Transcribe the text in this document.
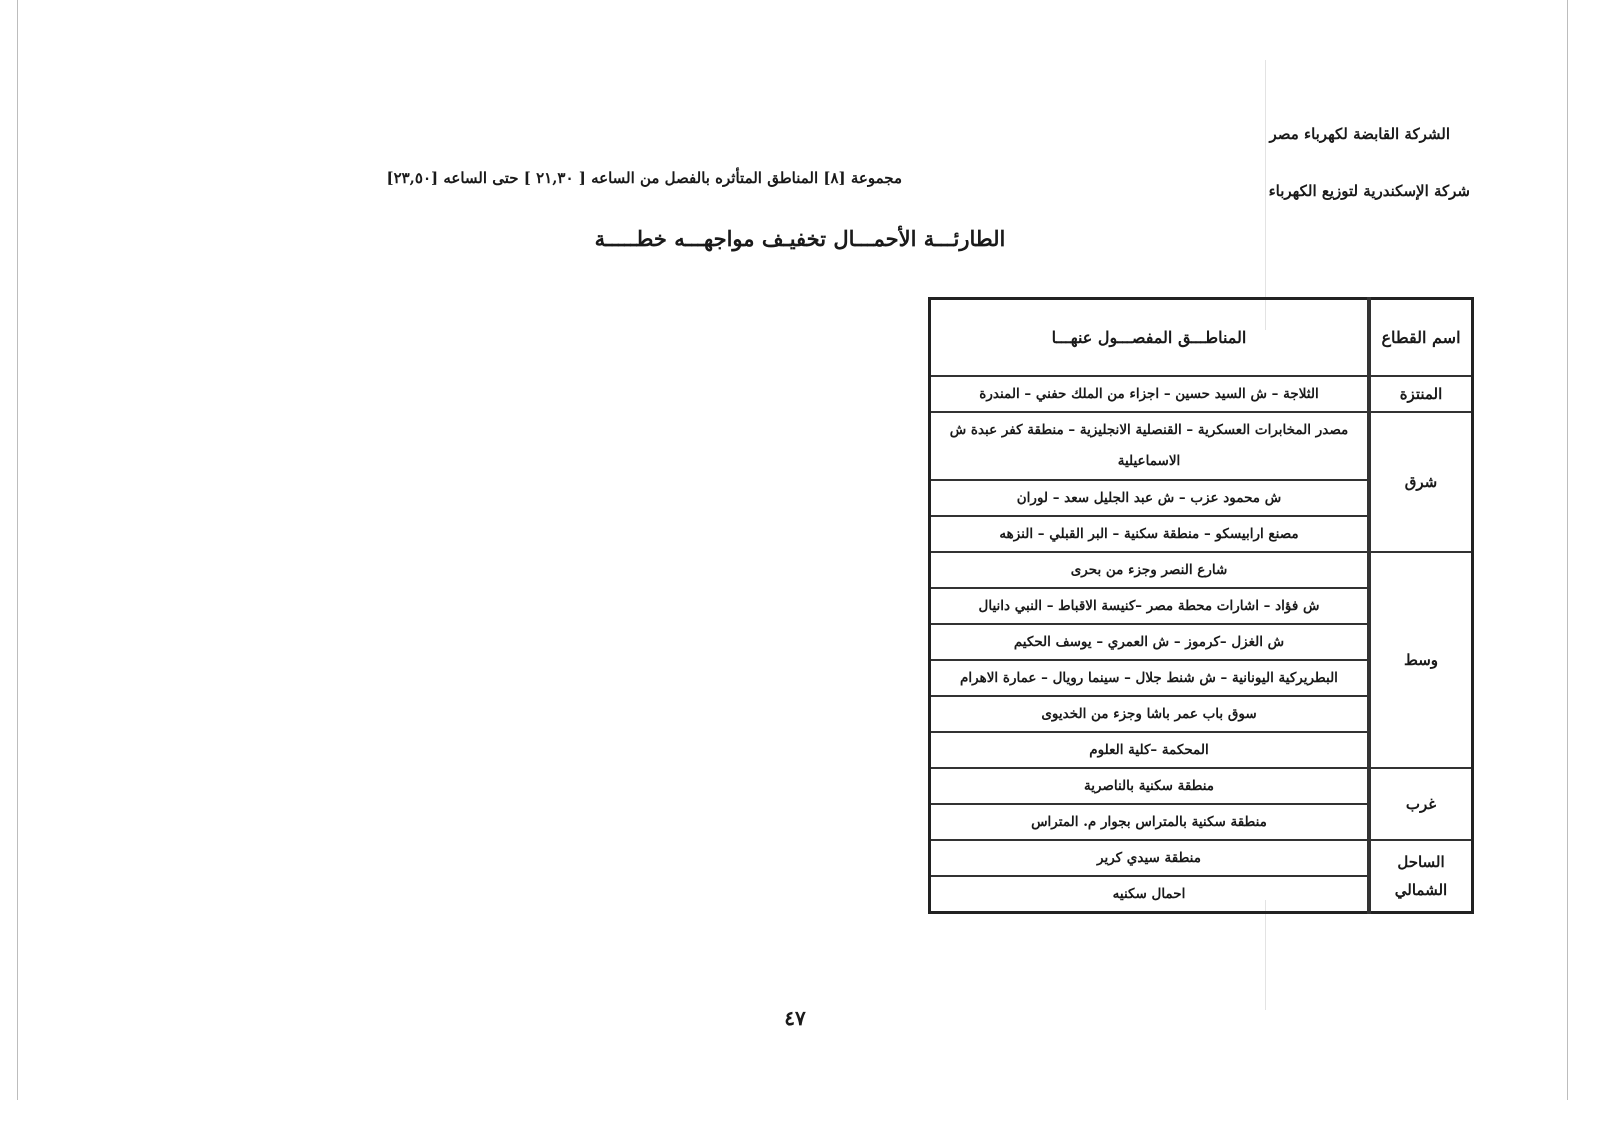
الشركة القابضة لكهرباء مصر
شركة الإسكندرية لتوزيع الكهرباء
مجموعة [٨] المناطق المتأثره بالفصل من الساعه [ ٢١,٣٠ ] حتى الساعه [٢٣,٥٠]
خطـــــة مواجهـــه تخفيـف الأحمـــال الطارئـــة
اسم القطاع	المناطـــق المفصـــول عنهـــا
المنتزة	الثلاجة – ش السيد حسين – اجزاء من الملك حفني – المندرة
شرق	مصدر المخابرات العسكرية – القنصلية الانجليزية – منطقة كفر عبدة ش الاسماعيلية
	ش محمود عزب – ش عبد الجليل سعد – لوران
	مصنع ارابيسكو – منطقة سكنية – البر القبلي – النزهه
وسط	شارع النصر وجزء من بحرى
	ش فؤاد – اشارات محطة مصر –كنيسة الاقباط – النبي دانيال
	ش الغزل –كرموز – ش العمري – يوسف الحكيم
	البطريركية اليونانية – ش شنط جلال – سينما رويال – عمارة الاهرام
	سوق باب عمر باشا وجزء من الخديوى
	المحكمة –كلية العلوم
غرب	منطقة سكنية بالناصرية
	منطقة سكنية بالمتراس بجوار م. المتراس

الساحل
الشمالي	منطقة سيدي كرير
	احمال سكنيه
٤٧
